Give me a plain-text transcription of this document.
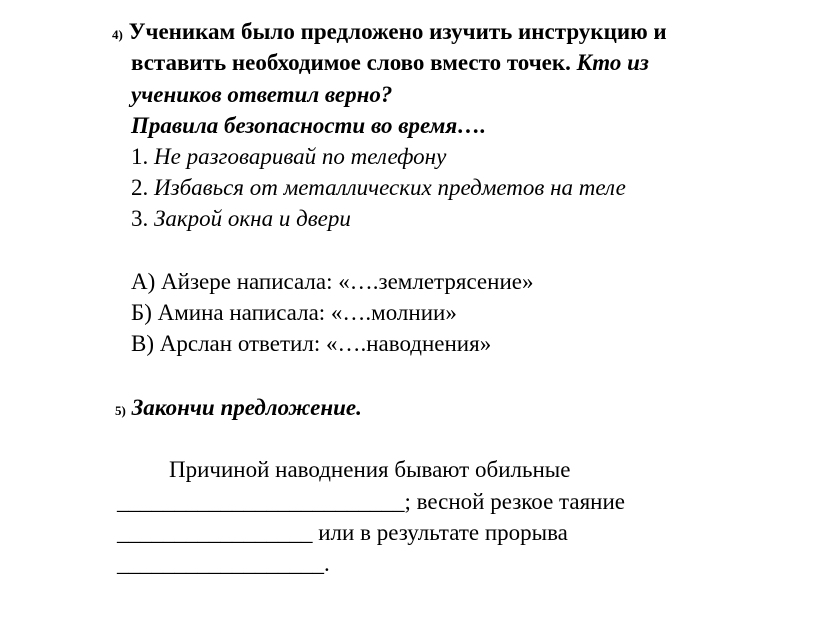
4) Ученикам было предложено изучить инструкцию и
вставить необходимое слово вместо точек. Кто из
учеников ответил верно?
Правила безопасности во время….
1. Не разговаривай по телефону
2. Избавься от металлических предметов на теле
3. Закрой окна и двери
А) Айзере написала: «….землетрясение»
Б) Амина написала: «….молнии»
В) Арслан ответил: «….наводнения»
5) Закончи предложение.
Причиной наводнения бывают обильные
_________________________; весной резкое таяние
_________________ или в результате прорыва
__________________.
